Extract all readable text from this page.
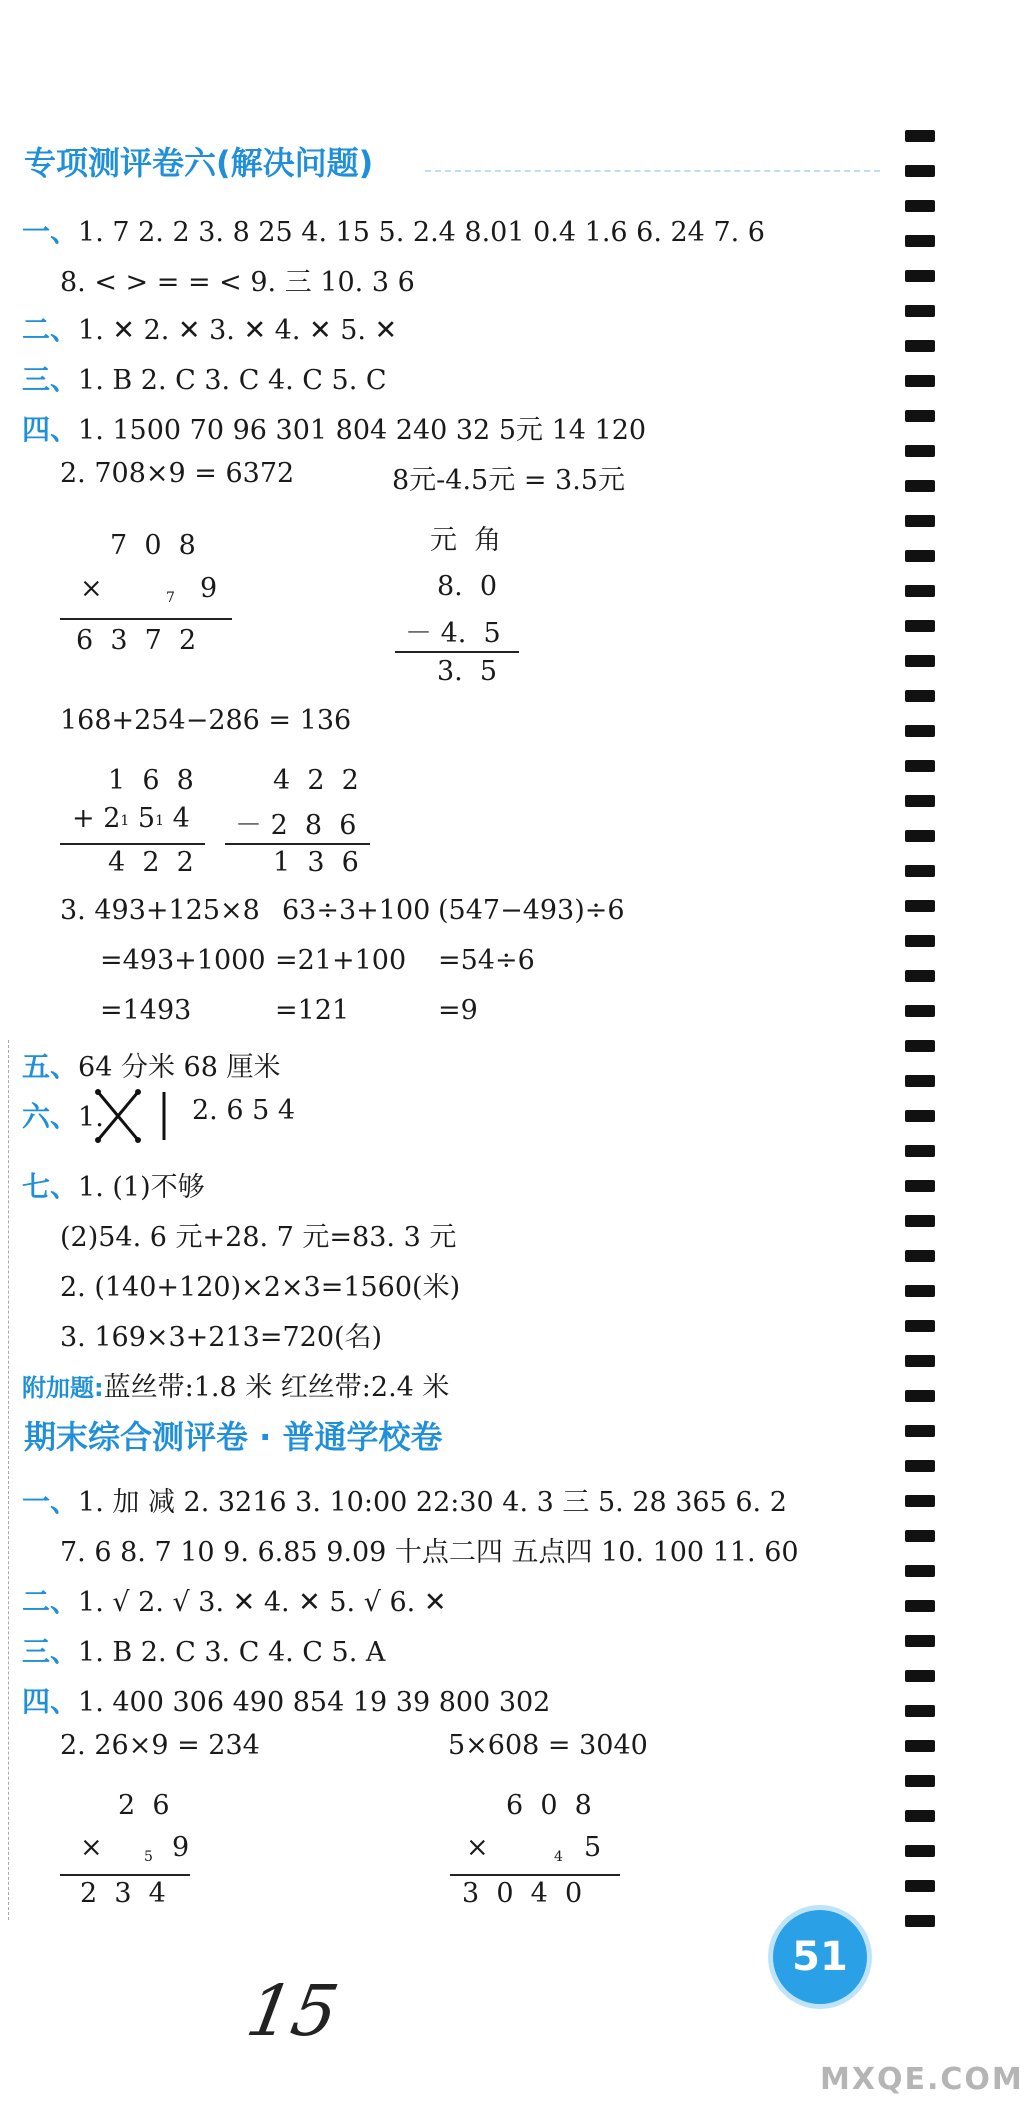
专项测评卷六(解决问题)
一、1. 7 2. 2 3. 8 25 4. 15 5. 2.4 8.01 0.4 1.6 6. 24 7. 6
8. < > = = < 9. 三 10. 3 6
二、1. ✕ 2. ✕ 3. ✕ 4. ✕ 5. ✕
三、1. B 2. C 3. C 4. C 5. C
四、1. 1500 70 96 301 804 240 32 5元 14 120
2. 708×9 = 6372	8元-4.5元 = 3.5元
7  0  8
×	7 9
6  3  7  2
元  角
8.  0
－ 4.  5
3.  5
168+254−286 = 136
1  6  8
+ 21 51 4
4  2  2
4  2  2
－ 2  8  6
1  3  6
3. 493+125×8 63÷3+100 (547−493)÷6
=493+1000 =21+100 =54÷6
=1493	=121	=9
五、64 分米 68 厘米
六、1.	2. 6 5 4
七、1. (1)不够
(2)54. 6 元+28. 7 元=83. 3 元
2. (140+120)×2×3=1560(米)
3. 169×3+213=720(名)
附加题:蓝丝带:1.8 米 红丝带:2.4 米
期末综合测评卷 · 普通学校卷
一、1. 加 减 2. 3216 3. 10:00 22:30 4. 3 三 5. 28 365 6. 2
7. 6 8. 7 10 9. 6.85 9.09 十点二四 五点四 10. 100 11. 60
二、1. √ 2. √ 3. ✕ 4. ✕ 5. √ 6. ✕
三、1. B 2. C 3. C 4. C 5. A
四、1. 400 306 490 854 19 39 800 302
2. 26×9 = 234	5×608 = 3040
2  6
×	5 9
2  3  4
6  0  8
×	4 5
3  0  4  0
15
51
MXQE.COM
